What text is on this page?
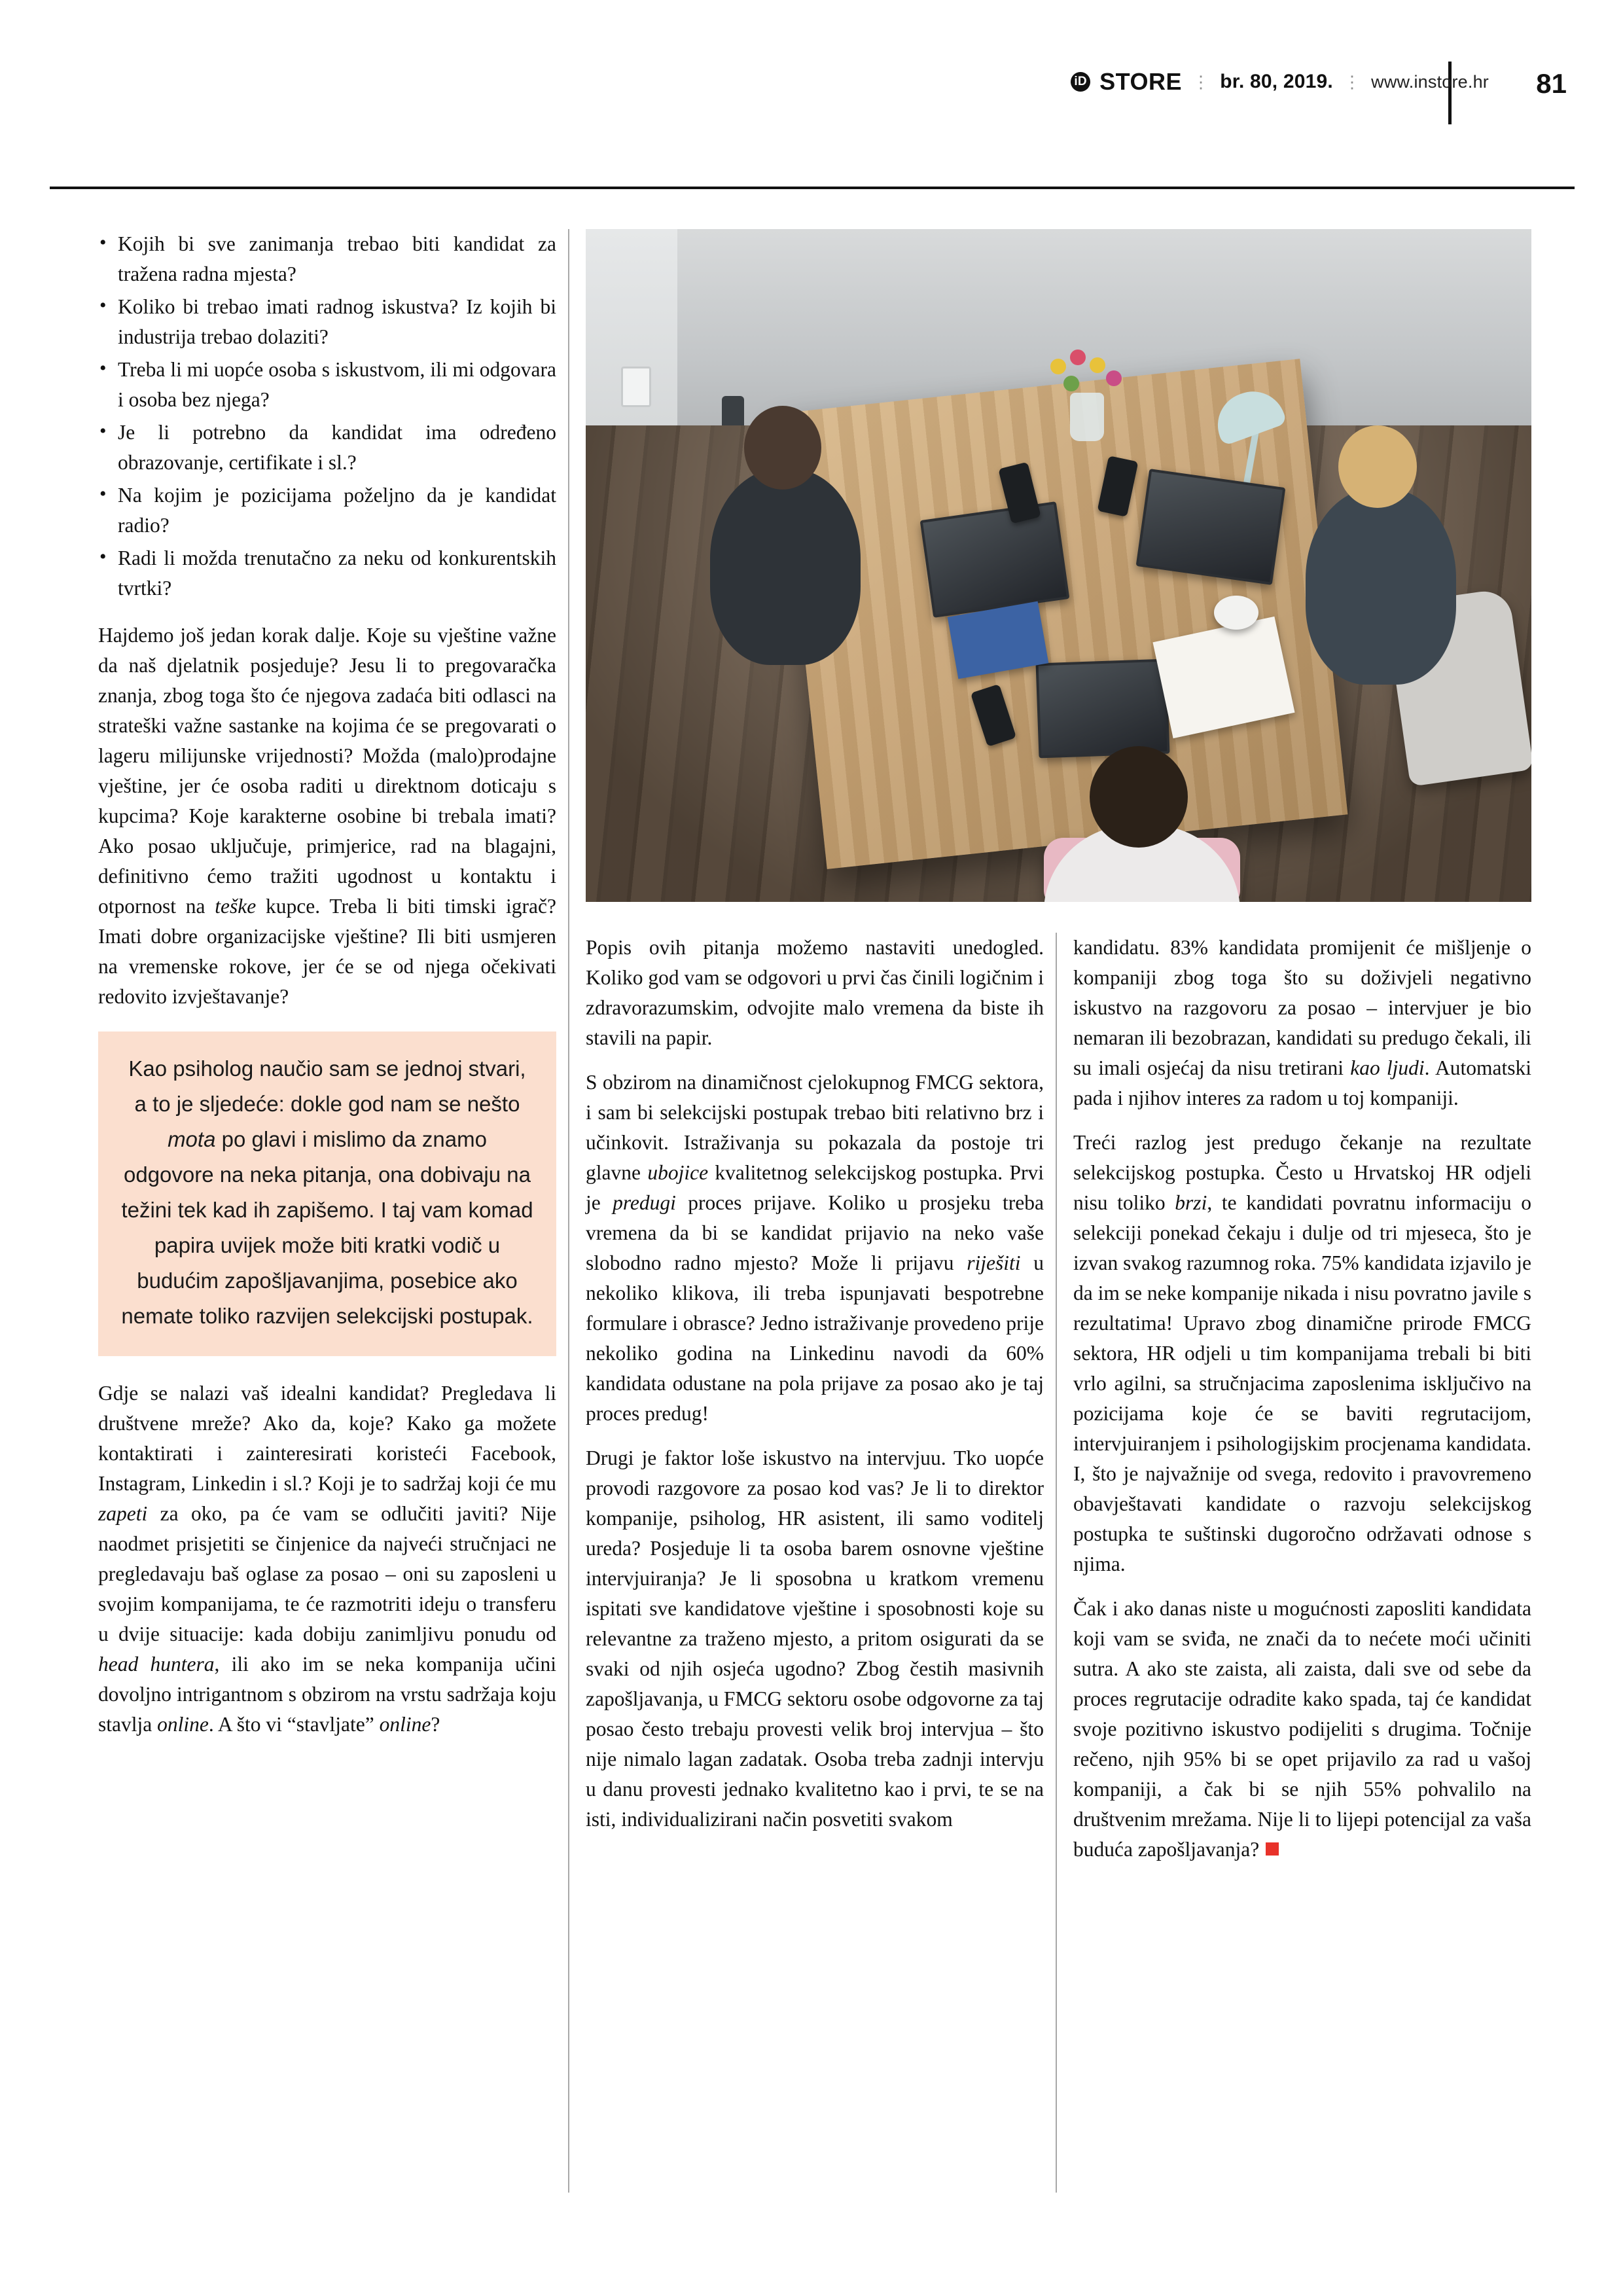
iD STORE ⋮ br. 80, 2019. ⋮ www.instore.hr 81
• Kojih bi sve zanimanja trebao biti kandidat za tražena radna mjesta?
• Koliko bi trebao imati radnog iskustva? Iz kojih bi industrija trebao dolaziti?
• Treba li mi uopće osoba s iskustvom, ili mi odgovara i osoba bez njega?
• Je li potrebno da kandidat ima određeno obrazovanje, certifikate i sl.?
• Na kojim je pozicijama poželjno da je kandidat radio?
• Radi li možda trenutačno za neku od konkurentskih tvrtki?

Hajdemo još jedan korak dalje. Koje su vještine važne da naš djelatnik posjeduje? Jesu li to pregovaračka znanja, zbog toga što će njegova zadaća biti odlasci na strateški važne sastanke na kojima će se pregovarati o lageru milijunske vrijednosti? Možda (malo)prodajne vještine, jer će osoba raditi u direktnom doticaju s kupcima? Koje karakterne osobine bi trebala imati? Ako posao uključuje, primjerice, rad na blagajni, definitivno ćemo tražiti ugodnost u kontaktu i otpornost na teške kupce. Treba li biti timski igrač? Imati dobre organizacijske vještine? Ili biti usmjeren na vremenske rokove, jer će se od njega očekivati redovito izvještavanje?

Kao psiholog naučio sam se jednoj stvari, a to je sljedeće: dokle god nam se nešto mota po glavi i mislimo da znamo odgovore na neka pitanja, ona dobivaju na težini tek kad ih zapišemo. I taj vam komad papira uvijek može biti kratki vodič u budućim zapošljavanjima, posebice ako nemate toliko razvijen selekcijski postupak.

Gdje se nalazi vaš idealni kandidat? Pregledava li društvene mreže? Ako da, koje? Kako ga možete kontaktirati i zainteresirati koristeći Facebook, Instagram, Linkedin i sl.? Koji je to sadržaj koji će mu zapeti za oko, pa će vam se odlučiti javiti? Nije naodmet prisjetiti se činjenice da najveći stručnjaci ne pregledavaju baš oglase za posao – oni su zaposleni u svojim kompanijama, te će razmotriti ideju o transferu u dvije situacije: kada dobiju zanimljivu ponudu od head huntera, ili ako im se neka kompanija učini dovoljno intrigantnom s obzirom na vrstu sadržaja koju stavlja online. A što vi “stavljate” online?

Popis ovih pitanja možemo nastaviti unedogled. Koliko god vam se odgovori u prvi čas činili logičnim i zdravorazumskim, odvojite malo vremena da biste ih stavili na papir.

S obzirom na dinamičnost cjelokupnog FMCG sektora, i sam bi selekcijski postupak trebao biti relativno brz i učinkovit. Istraživanja su pokazala da postoje tri glavne ubojice kvalitetnog selekcijskog postupka. Prvi je predugi proces prijave. Koliko u prosjeku treba vremena da bi se kandidat prijavio na neko vaše slobodno radno mjesto? Može li prijavu riješiti u nekoliko klikova, ili treba ispunjavati bespotrebne formulare i obrasce? Jedno istraživanje provedeno prije nekoliko godina na Linkedinu navodi da 60% kandidata odustane na pola prijave za posao ako je taj proces predug!

Drugi je faktor loše iskustvo na intervjuu. Tko uopće provodi razgovore za posao kod vas? Je li to direktor kompanije, psiholog, HR asistent, ili samo voditelj ureda? Posjeduje li ta osoba barem osnovne vještine intervjuiranja? Je li sposobna u kratkom vremenu ispitati sve kandidatove vještine i sposobnosti koje su relevantne za traženo mjesto, a pritom osigurati da se svaki od njih osjeća ugodno? Zbog čestih masivnih zapošljavanja, u FMCG sektoru osobe odgovorne za taj posao često trebaju provesti velik broj intervjua – što nije nimalo lagan zadatak. Osoba treba zadnji intervju u danu provesti jednako kvalitetno kao i prvi, te se na isti, individualizirani način posvetiti svakom

kandidatu. 83% kandidata promijenit će mišljenje o kompaniji zbog toga što su doživjeli negativno iskustvo na razgovoru za posao – intervjuer je bio nemaran ili bezobrazan, kandidati su predugo čekali, ili su imali osjećaj da nisu tretirani kao ljudi. Automatski pada i njihov interes za radom u toj kompaniji.

Treći razlog jest predugo čekanje na rezultate selekcijskog postupka. Često u Hrvatskoj HR odjeli nisu toliko brzi, te kandidati povratnu informaciju o selekciji ponekad čekaju i dulje od tri mjeseca, što je izvan svakog razumnog roka. 75% kandidata izjavilo je da im se neke kompanije nikada i nisu povratno javile s rezultatima! Upravo zbog dinamične prirode FMCG sektora, HR odjeli u tim kompanijama trebali bi biti vrlo agilni, sa stručnjacima zaposlenima isključivo na pozicijama koje će se baviti regrutacijom, intervjuiranjem i psihologijskim procjenama kandidata. I, što je najvažnije od svega, redovito i pravovremeno obavještavati kandidate o razvoju selekcijskog postupka te suštinski dugoročno održavati odnose s njima.

Čak i ako danas niste u mogućnosti zaposliti kandidata koji vam se sviđa, ne znači da to nećete moći učiniti sutra. A ako ste zaista, ali zaista, dali sve od sebe da proces regrutacije odradite kako spada, taj će kandidat svoje pozitivno iskustvo podijeliti s drugima. Točnije rečeno, njih 95% bi se opet prijavilo za rad u vašoj kompaniji, a čak bi se njih 55% pohvalilo na društvenim mrežama. Nije li to lijepi potencijal za vaša buduća zapošljavanja?
